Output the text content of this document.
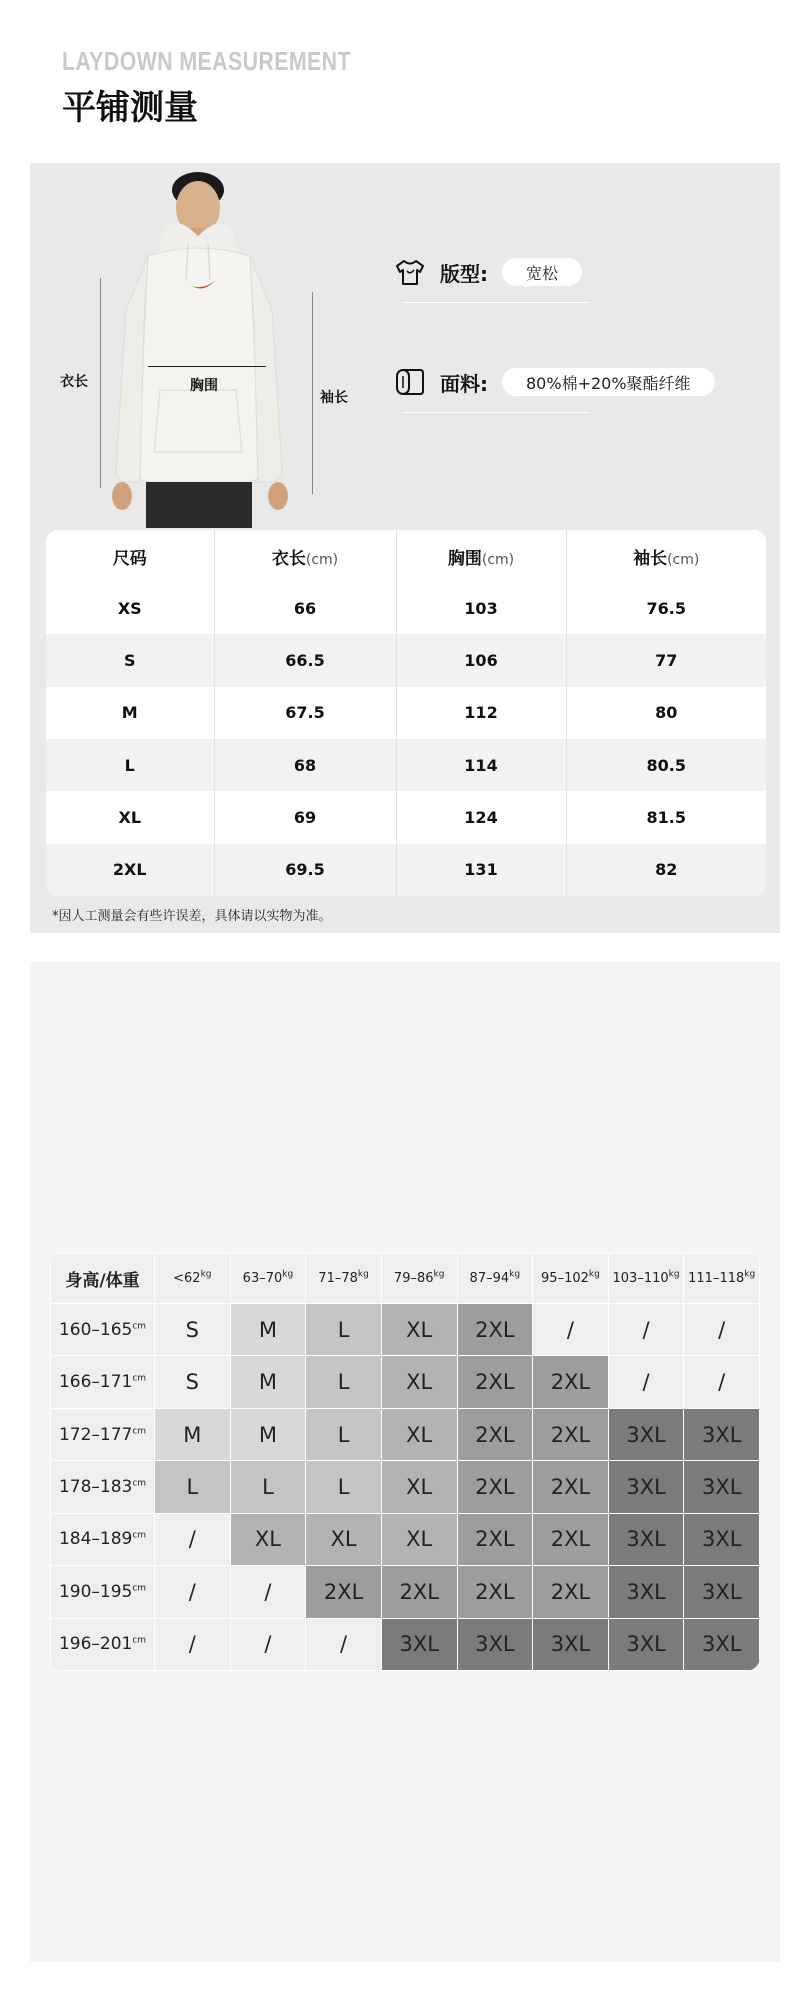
LAYDOWN MEASUREMENT
平铺测量
衣长	胸围
袖长
版型:	宽松
面料:	80%棉+20%聚酯纤维
尺码	衣长(cm)	胸围(cm)	袖长(cm)
XS	66	103	76.5
S	66.5	106	77
M	67.5	112	80
L	68	114	80.5
XL	69	124	81.5
2XL	69.5	131	82
*因人工测量会有些许误差，具体请以实物为准。
身高/体重	$<62^{kg}$	$63-70^{kg}$	$71-78^{kg}$	$79-86^{kg}$	$87-94^{kg}$	$95-102^{kg}$	$103-110^{kg}$	$111-118^{kg}$
$160-165^{cm}$	S	M	L	XL	2XL	/	/	/
$166-171^{cm}$	S	M	L	XL	2XL	2XL	/	/
$172-177^{cm}$	M	M	L	XL	2XL	2XL	3XL	3XL
$178-183^{cm}$	L	L	L	XL	2XL	2XL	3XL	3XL
$184-189^{cm}$	/	XL	XL	XL	2XL	2XL	3XL	3XL
$190-195^{cm}$	/	/	2XL	2XL	2XL	2XL	3XL	3XL
$196-201^{cm}$	/	/	/	3XL	3XL	3XL	3XL	3XL
